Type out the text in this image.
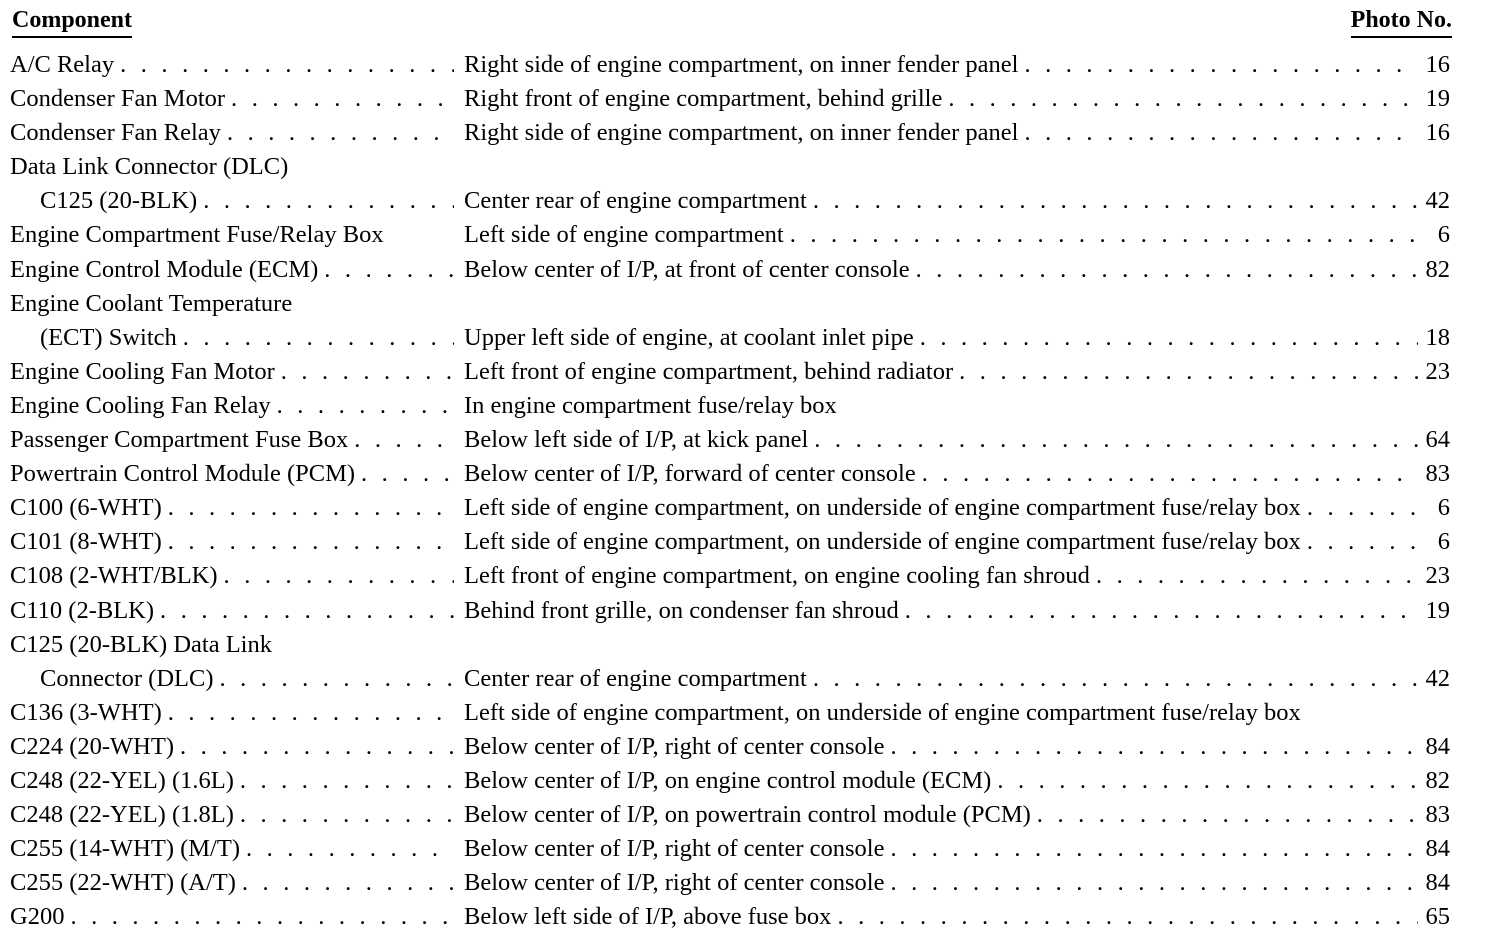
Component	Photo No.
A/C Relay . . .	Right side of engine compartment, on inner fender panel . . .	16
Condenser Fan Motor . . .	Right front of engine compartment, behind grille . . .	19
Condenser Fan Relay . . .	Right side of engine compartment, on inner fender panel . . .	16
Data Link Connector (DLC)
C125 (20-BLK) . . .	Center rear of engine compartment . . .	42
Engine Compartment Fuse/Relay Box	Left side of engine compartment . . .	6
Engine Control Module (ECM) . . .	Below center of I/P, at front of center console . . .	82
Engine Coolant Temperature
(ECT) Switch . . .	Upper left side of engine, at coolant inlet pipe . . .	18
Engine Cooling Fan Motor . . .	Left front of engine compartment, behind radiator . . .	23
Engine Cooling Fan Relay . . .	In engine compartment fuse/relay box
Passenger Compartment Fuse Box . . .	Below left side of I/P, at kick panel . . .	64
Powertrain Control Module (PCM) . . .	Below center of I/P, forward of center console . . .	83
C100 (6-WHT) . . .	Left side of engine compartment, on underside of engine compartment fuse/relay box . . .	6
C101 (8-WHT) . . .	Left side of engine compartment, on underside of engine compartment fuse/relay box . . .	6
C108 (2-WHT/BLK) . . .	Left front of engine compartment, on engine cooling fan shroud . . .	23
C110 (2-BLK) . . .	Behind front grille, on condenser fan shroud . . .	19
C125 (20-BLK) Data Link
Connector (DLC) . . .	Center rear of engine compartment . . .	42
C136 (3-WHT) . . .	Left side of engine compartment, on underside of engine compartment fuse/relay box
C224 (20-WHT) . . .	Below center of I/P, right of center console . . .	84
C248 (22-YEL) (1.6L) . . .	Below center of I/P, on engine control module (ECM) . . .	82
C248 (22-YEL) (1.8L) . . .	Below center of I/P, on powertrain control module (PCM) . . .	83
C255 (14-WHT) (M/T) . . .	Below center of I/P, right of center console . . .	84
C255 (22-WHT) (A/T) . . .	Below center of I/P, right of center console . . .	84
G200 . . .	Below left side of I/P, above fuse box . . .	65
